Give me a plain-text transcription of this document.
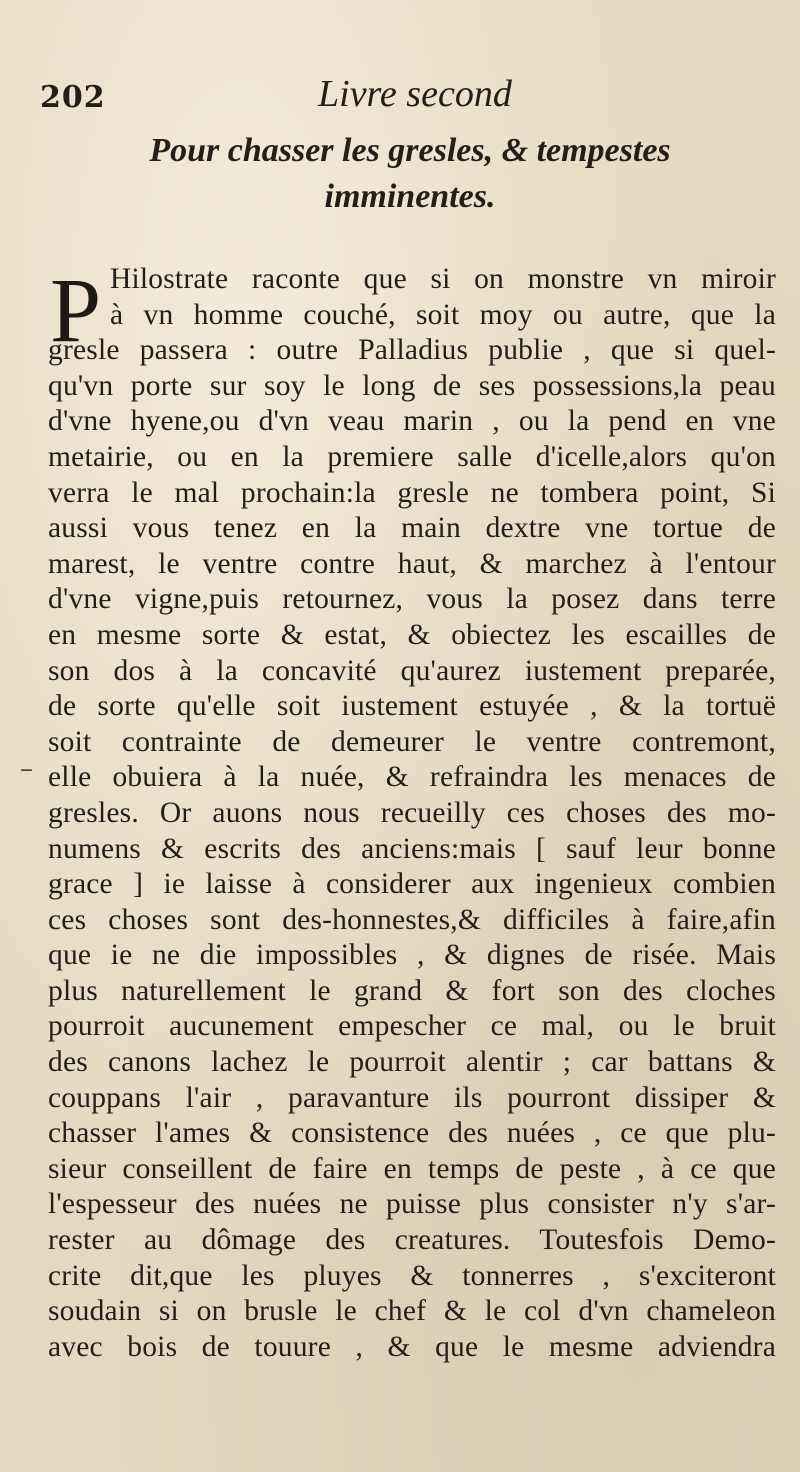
202	Livre second
Pour chasser les gresles, & tempestes
imminentes.
–
P Hilostrate raconte que si on monstre vn miroir
à vn homme couché, soit moy ou autre, que la
gresle passera : outre Palladius publie , que si quel-
qu'vn porte sur soy le long de ses possessions,la peau
d'vne hyene,ou d'vn veau marin , ou la pend en vne
metairie, ou en la premiere salle d'icelle,alors qu'on
verra le mal prochain:la gresle ne tombera point, Si
aussi vous tenez en la main dextre vne tortue de
marest, le ventre contre haut, & marchez à l'entour
d'vne vigne,puis retournez, vous la posez dans terre
en mesme sorte & estat, & obiectez les escailles de
son dos à la concavité qu'aurez iustement preparée,
de sorte qu'elle soit iustement estuyée , & la tortuë
soit contrainte de demeurer le ventre contremont,
elle obuiera à la nuée, & refraindra les menaces de
gresles. Or auons nous recueilly ces choses des mo-
numens & escrits des anciens:mais [ sauf leur bonne
grace ] ie laisse à considerer aux ingenieux combien
ces choses sont des-honnestes,& difficiles à faire,afin
que ie ne die impossibles , & dignes de risée. Mais
plus naturellement le grand & fort son des cloches
pourroit aucunement empescher ce mal, ou le bruit
des canons lachez le pourroit alentir ; car battans &
couppans l'air , paravanture ils pourront dissiper &
chasser l'ames & consistence des nuées , ce que plu-
sieur conseillent de faire en temps de peste , à ce que
l'espesseur des nuées ne puisse plus consister n'y s'ar-
rester au dômage des creatures. Toutesfois Demo-
crite dit,que les pluyes & tonnerres , s'exciteront
soudain si on brusle le chef & le col d'vn chameleon
avec bois de touure , & que le mesme adviendra
